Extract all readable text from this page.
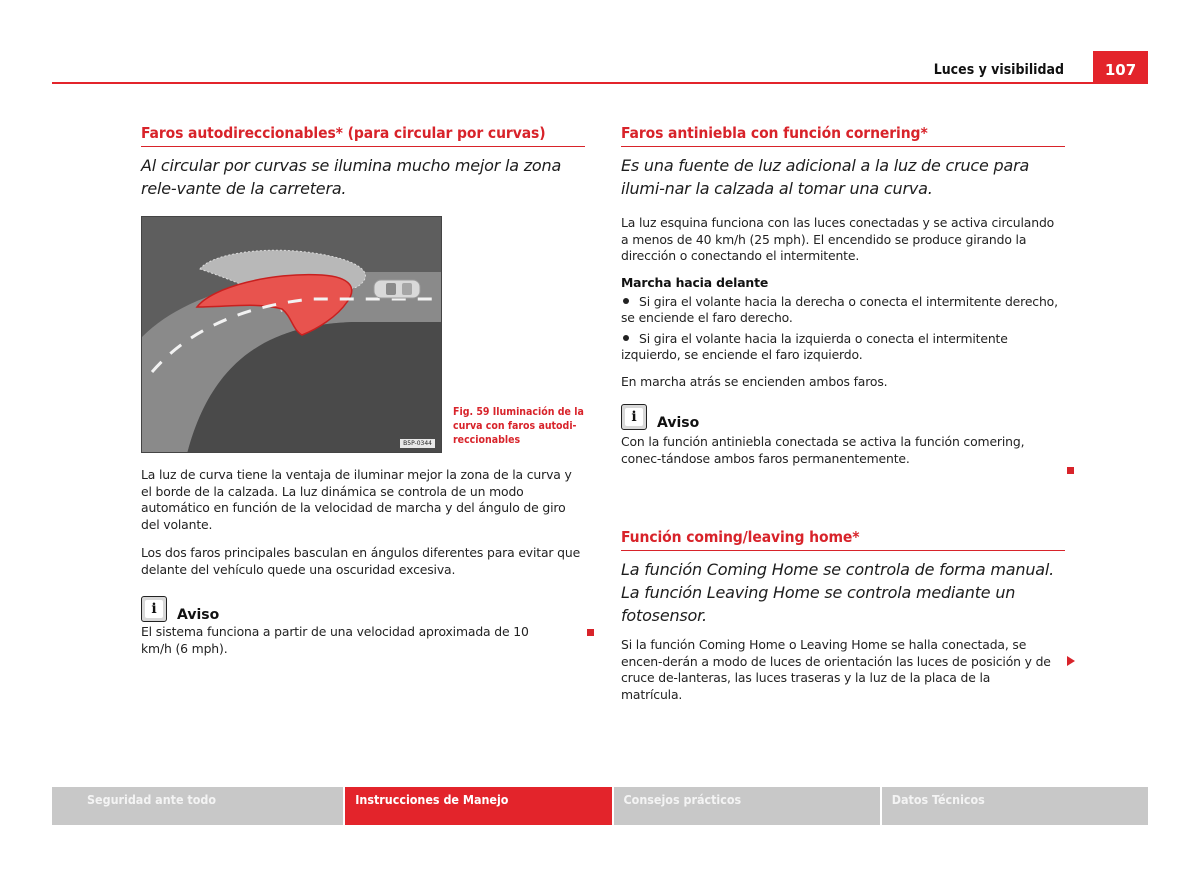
Luces y visibilidad	107
Faros autodireccionables* (para circular por curvas)

Al circular por curvas se ilumina mucho mejor la zona rele-vante de la carretera.

B5P-0344
Fig. 59 Iluminación de la curva con faros autodi-reccionables

La luz de curva tiene la ventaja de iluminar mejor la zona de la curva y el borde de la calzada. La luz dinámica se controla de un modo automático en función de la velocidad de marcha y del ángulo de giro del volante.

Los dos faros principales basculan en ángulos diferentes para evitar que delante del vehículo quede una oscuridad excesiva.

i	Aviso

El sistema funciona a partir de una velocidad aproximada de 10 km/h (6 mph).

Faros antiniebla con función cornering*

Es una fuente de luz adicional a la luz de cruce para ilumi-nar la calzada al tomar una curva.

La luz esquina funciona con las luces conectadas y se activa circulando a menos de 40 km/h (25 mph). El encendido se produce girando la dirección o conectando el intermitente.

Marcha hacia delante
Si gira el volante hacia la derecha o conecta el intermitente derecho, se enciende el faro derecho.
Si gira el volante hacia la izquierda o conecta el intermitente izquierdo, se enciende el faro izquierdo.

En marcha atrás se encienden ambos faros.

i	Aviso

Con la función antiniebla conectada se activa la función comering, conec-tándose ambos faros permanentemente.

Función coming/leaving home*

La función Coming Home se controla de forma manual. La función Leaving Home se controla mediante un fotosensor.

Si la función Coming Home o Leaving Home se halla conectada, se encen-derán a modo de luces de orientación las luces de posición y de cruce de-lanteras, las luces traseras y la luz de la placa de la matrícula.

Seguridad ante todo	Instrucciones de Manejo	Consejos prácticos	Datos Técnicos
